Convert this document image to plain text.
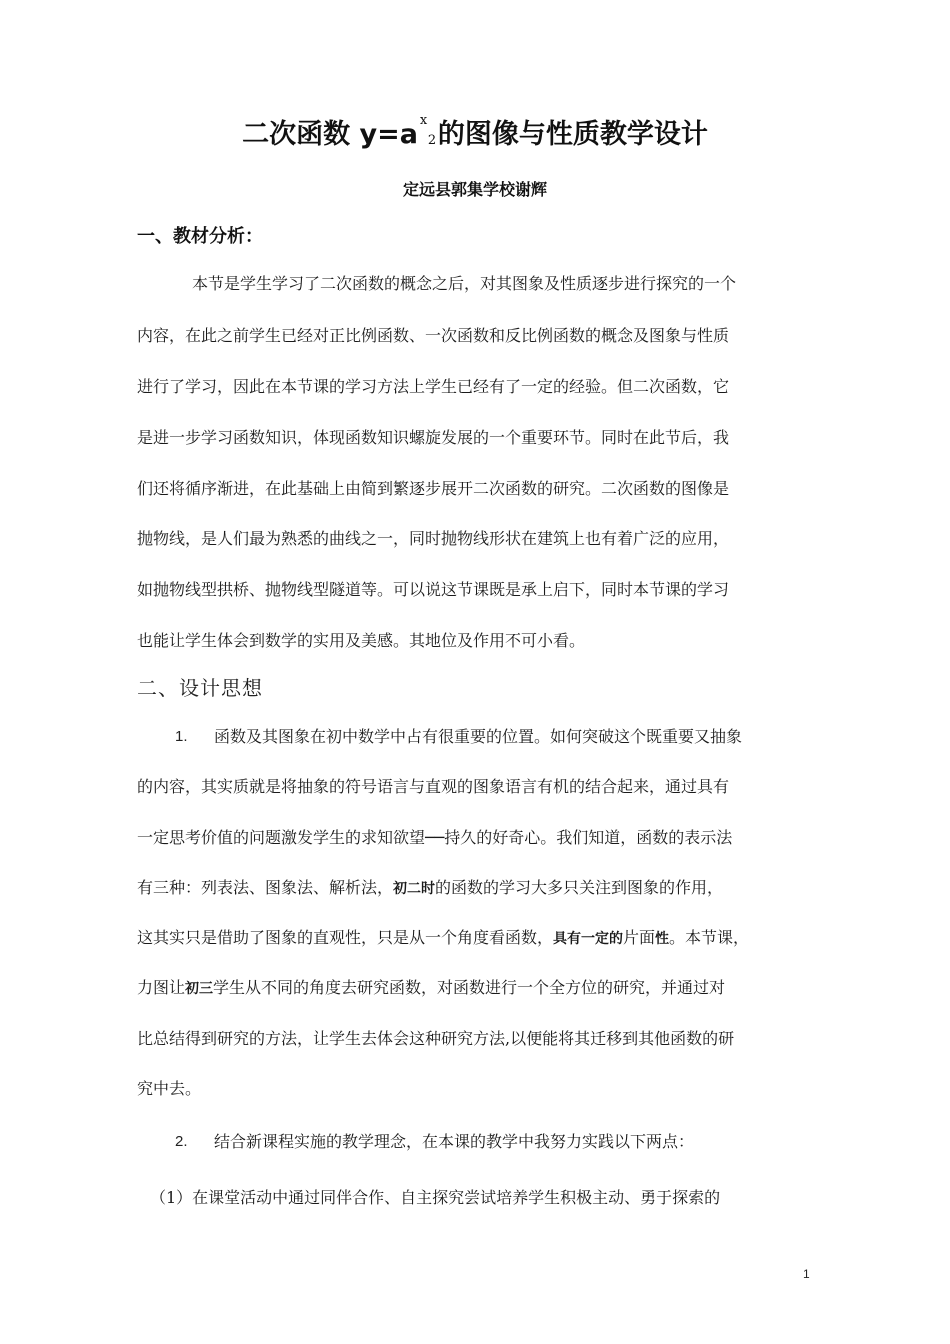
二次函数 y=a x
2 的图像与性质教学设计
定远县郭集学校谢辉
一、教材分析：
本节是学生学习了二次函数的概念之后，对其图象及性质逐步进行探究的一个
内容，在此之前学生已经对正比例函数、一次函数和反比例函数的概念及图象与性质
进行了学习，因此在本节课的学习方法上学生已经有了一定的经验。但二次函数，它
是进一步学习函数知识，体现函数知识螺旋发展的一个重要环节。同时在此节后，我
们还将循序渐进，在此基础上由简到繁逐步展开二次函数的研究。二次函数的图像是
抛物线，是人们最为熟悉的曲线之一，同时抛物线形状在建筑上也有着广泛的应用，
如抛物线型拱桥、抛物线型隧道等。可以说这节课既是承上启下，同时本节课的学习
也能让学生体会到数学的实用及美感。其地位及作用不可小看。
二、设计思想
1. 函数及其图象在初中数学中占有很重要的位置。如何突破这个既重要又抽象
的内容，其实质就是将抽象的符号语言与直观的图象语言有机的结合起来，通过具有
一定思考价值的问题激发学生的求知欲望──持久的好奇心。我们知道，函数的表示法
有三种：列表法、图象法、解析法，初二时的函数的学习大多只关注到图象的作用，
这其实只是借助了图象的直观性，只是从一个角度看函数，具有一定的片面性。本节课，
力图让初三学生从不同的角度去研究函数，对函数进行一个全方位的研究，并通过对
比总结得到研究的方法，让学生去体会这种研究方法,以便能将其迁移到其他函数的研
究中去。
2. 结合新课程实施的教学理念，在本课的教学中我努力实践以下两点：
（1）在课堂活动中通过同伴合作、自主探究尝试培养学生积极主动、勇于探索的
1
